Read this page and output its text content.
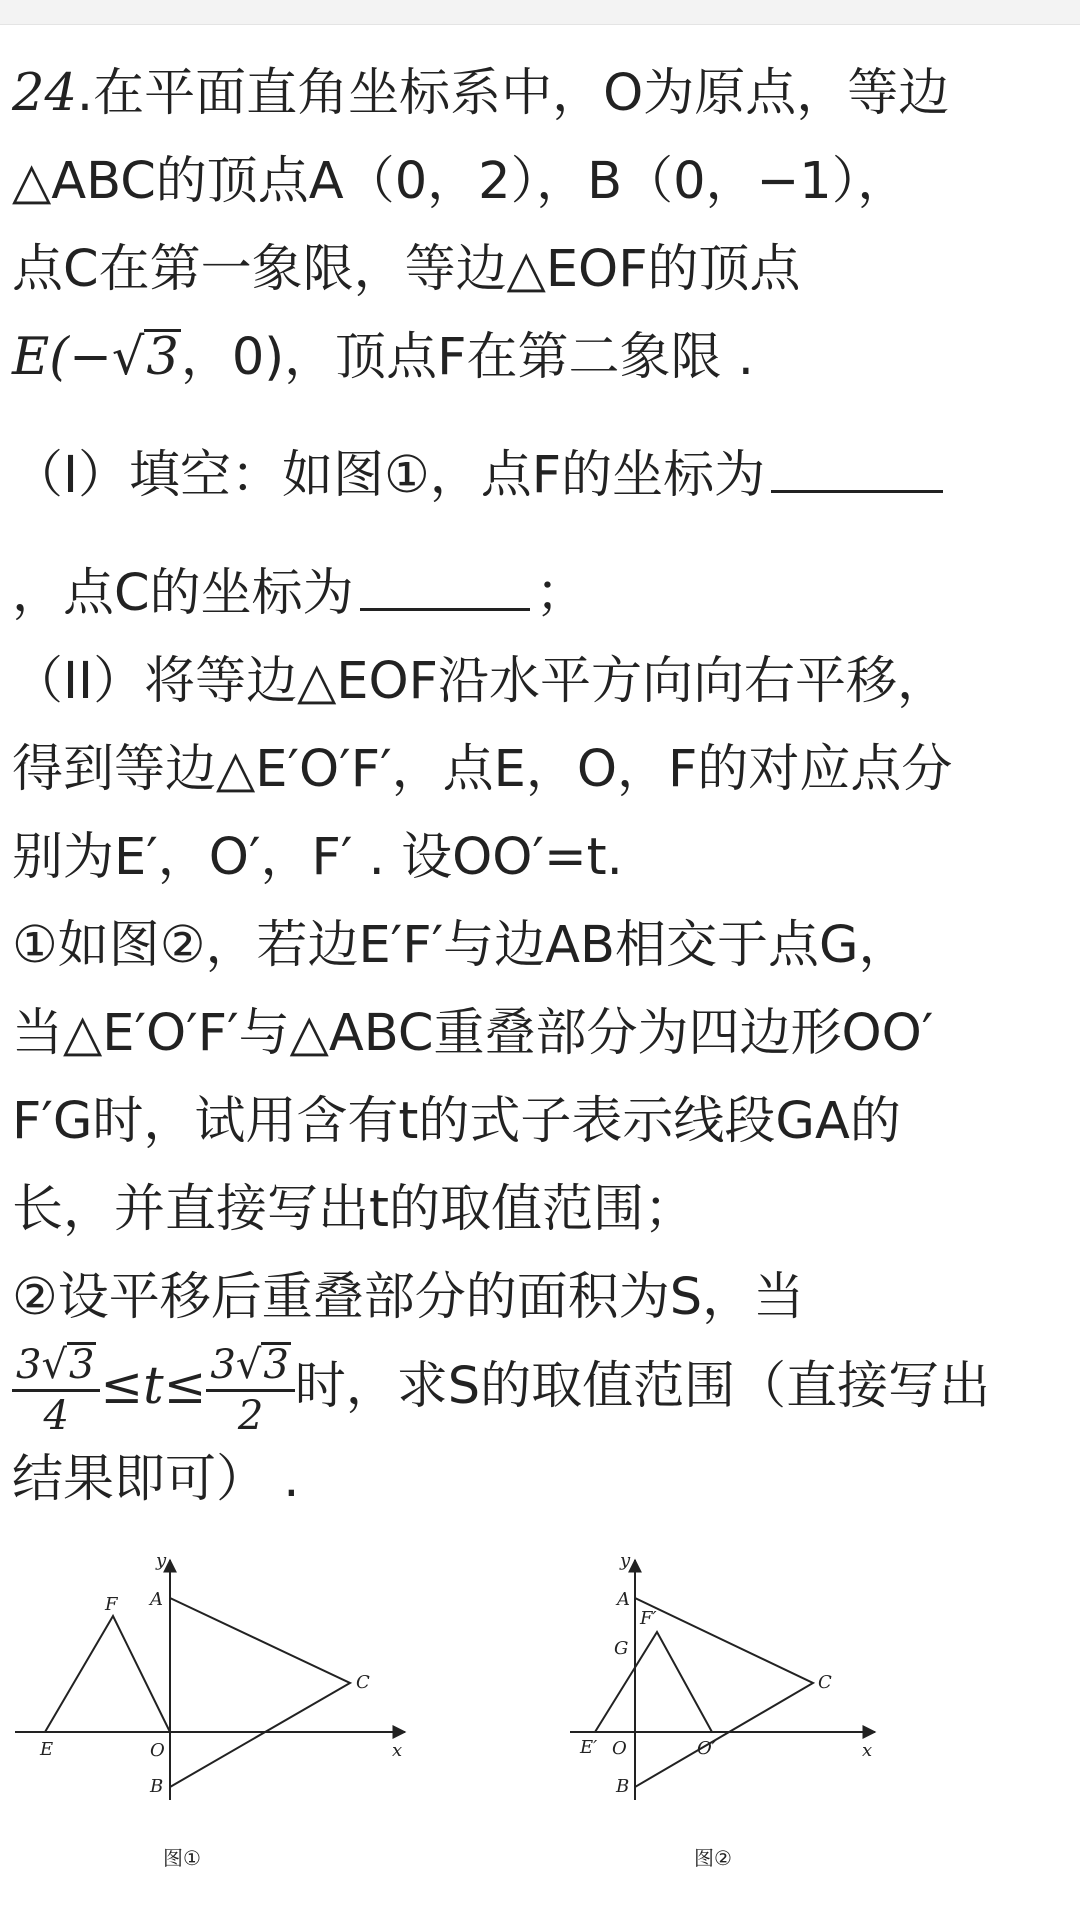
24.在平面直角坐标系中，O为原点，等边
△ABC的顶点A（0，2），B（0，−1），
点C在第一象限，等边△EOF的顶点
E(−√3，0)，顶点F在第二象限 .
（I）填空：如图①，点F的坐标为
，点C的坐标为	；
（II）将等边△EOF沿水平方向向右平移，
得到等边△E′O′F′，点E，O，F的对应点分
别为E′，O′，F′ . 设OO′=t.
①如图②，若边E′F′与边AB相交于点G，
当△E′O′F′与△ABC重叠部分为四边形OO′
F′G时，试用含有t的式子表示线段GA的
长，并直接写出t的取值范围；
②设平移后重叠部分的面积为S，当
$\frac{3√3}{4} \le t\le \frac{3√3}{2}$ 时，求S的取值范围（直接写出
结果即可） .
y
A
F
C
E	O	x
B
图①
y
A
F′
G
C
E′ O	O′	x
B
图②
